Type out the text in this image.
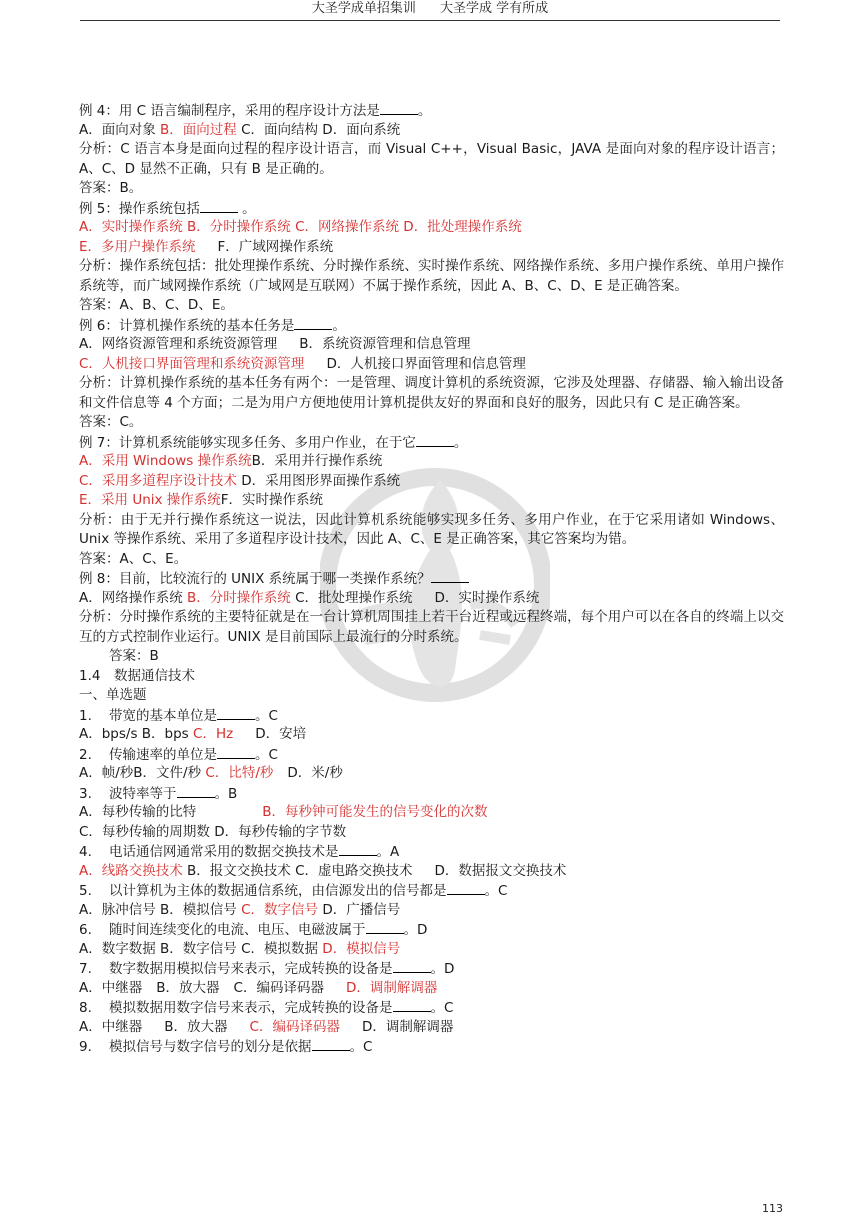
大圣学成单招集训 大圣学成 学有所成
例 4：用 C 语言编制程序，采用的程序设计方法是	。
A．面向对象 B．面向过程 C．面向结构 D．面向系统
分析：C 语言本身是面向过程的程序设计语言，而 Visual C++，Visual Basic，JAVA 是面向对象的程序设计语言；A、C、D 显然不正确，只有 B 是正确的。
答案：B。
例 5：操作系统包括	。
A．实时操作系统 B．分时操作系统 C．网络操作系统 D．批处理操作系统
E．多用户操作系统 F．广域网操作系统
分析：操作系统包括：批处理操作系统、分时操作系统、实时操作系统、网络操作系统、多用户操作系统、单用户操作系统等，而广域网操作系统（广域网是互联网）不属于操作系统，因此 A、B、C、D、E 是正确答案。
答案：A、B、C、D、E。
例 6：计算机操作系统的基本任务是	。
A．网络资源管理和系统资源管理 B．系统资源管理和信息管理
C．人机接口界面管理和系统资源管理 D．人机接口界面管理和信息管理
分析：计算机操作系统的基本任务有两个：一是管理、调度计算机的系统资源，它涉及处理器、存储器、输入输出设备和文件信息等 4 个方面；二是为用户方便地使用计算机提供友好的界面和良好的服务，因此只有 C 是正确答案。
答案：C。
例 7：计算机系统能够实现多任务、多用户作业，在于它	。
A．采用 Windows 操作系统B．采用并行操作系统
C．采用多道程序设计技术 D．采用图形界面操作系统
E．采用 Unix 操作系统F．实时操作系统
分析：由于无并行操作系统这一说法，因此计算机系统能够实现多任务、多用户作业，在于它采用诸如 Windows、Unix 等操作系统、采用了多道程序设计技术，因此 A、C、E 是正确答案，其它答案均为错。
答案：A、C、E。
例 8：目前，比较流行的 UNIX 系统属于哪一类操作系统？
A．网络操作系统 B．分时操作系统 C．批处理操作系统 D．实时操作系统
分析：分时操作系统的主要特征就是在一台计算机周围挂上若干台近程或远程终端，每个用户可以在各自的终端上以交互的方式控制作业运行。UNIX 是目前国际上最流行的分时系统。
答案：B
1.4　数据通信技术
一、单选题
1. 带宽的基本单位是	。C
A．bps/s B．bps C．Hz D．安培
2. 传输速率的单位是	。C
A．帧/秒B．文件/秒 C．比特/秒 D．米/秒
3. 波特率等于	。B
A．每秒传输的比特	B．每秒钟可能发生的信号变化的次数
C．每秒传输的周期数 D．每秒传输的字节数
4. 电话通信网通常采用的数据交换技术是	。A
A．线路交换技术 B．报文交换技术 C．虚电路交换技术 D．数据报文交换技术
5. 以计算机为主体的数据通信系统，由信源发出的信号都是	。C
A．脉冲信号 B．模拟信号 C．数字信号 D．广播信号
6. 随时间连续变化的电流、电压、电磁波属于	。D
A．数字数据 B．数字信号 C．模拟数据 D．模拟信号
7. 数字数据用模拟信号来表示，完成转换的设备是	。D
A．中继器 B．放大器 C．编码译码器 D．调制解调器
8. 模拟数据用数字信号来表示，完成转换的设备是	。C
A．中继器 B．放大器 C．编码译码器 D．调制解调器
9. 模拟信号与数字信号的划分是依据	。C
113
